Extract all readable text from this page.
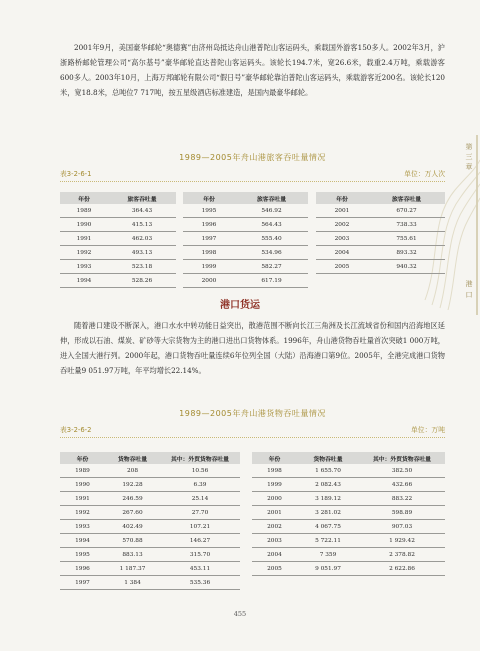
第三章
港口

2001年9月，美国豪华邮轮“奥德赛”由济州岛抵达舟山港普陀山客运码头，乘载国外游客150多人。2002年3月，沪浙路桥邮轮管理公司“高尔基号”豪华邮轮直达普陀山客运码头。该轮长194.7米，宽26.6米，载重2.4万吨，乘载游客600多人。2003年10月，上海万邦邮轮有限公司“假日号”豪华邮轮靠泊普陀山客运码头，乘载游客近200名。该轮长120米，宽18.8米，总吨位7 717吨，按五星级酒店标准建造，是国内最豪华邮轮。

1989—2005年舟山港旅客吞吐量情况
表3-2-6-1	单位：万人次
年份	旅客吞吐量
1989	364.43
1990	415.13
1991	462.03
1992	493.13
1993	523.18
1994	528.26
年份	旅客吞吐量
1995	546.92
1996	564.43
1997	555.40
1998	534.96
1999	582.27
2000	617.19
年份	旅客吞吐量
2001	670.27
2002	738.33
2003	755.61
2004	893.32
2005	940.32
港口货运

随着港口建设不断深入，港口水水中转功能日益突出，散港范围不断向长江三角洲及长江流域省份和国内沿海地区延伸，形成以石油、煤炭、矿砂等大宗货物为主的港口进出口货物体系。1996年，舟山港货物吞吐量首次突破1 000万吨，进入全国大港行列。2000年起，港口货物吞吐量连续6年位列全国（大陆）沿海港口第9位。2005年，全港完成港口货物吞吐量9 051.97万吨，年平均增长22.14%。

1989—2005年舟山港货物吞吐量情况
表3-2-6-2	单位：万吨
年份	货物吞吐量	其中：外贸货物吞吐量
1989	208	10.56
1990	192.28	6.39
1991	246.59	25.14
1992	267.60	27.70
1993	402.49	107.21
1994	570.88	146.27
1995	883.13	315.70
1996	1 187.37	453.11
1997	1 384	535.36
年份	货物吞吐量	其中：外贸货物吞吐量
1998	1 655.70	382.50
1999	2 082.43	432.66
2000	3 189.12	883.22
2001	3 281.02	598.89
2002	4 067.75	907.03
2003	5 722.11	1 929.42
2004	7 359	2 378.82
2005	9 051.97	2 622.86
455
